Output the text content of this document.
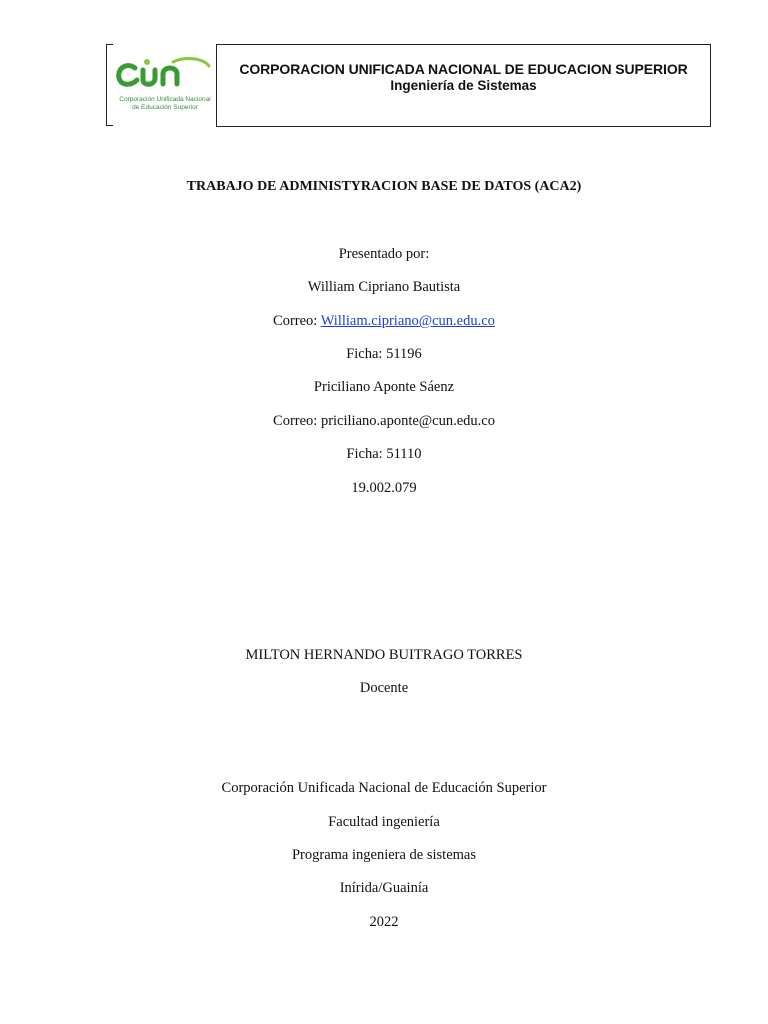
Corporación Unificada Nacional
de Educación Superior
CORPORACION UNIFICADA NACIONAL DE EDUCACION SUPERIOR
Ingeniería de Sistemas
TRABAJO DE ADMINISTYRACION BASE DE DATOS (ACA2)
Presentado por:
William Cipriano Bautista
Correo: William.cipriano@cun.edu.co
Ficha: 51196
Priciliano Aponte Sáenz
Correo: priciliano.aponte@cun.edu.co
Ficha: 51110
19.002.079
MILTON HERNANDO BUITRAGO TORRES
Docente
Corporación Unificada Nacional de Educación Superior
Facultad ingeniería
Programa ingeniera de sistemas
Inírida/Guainía
2022
